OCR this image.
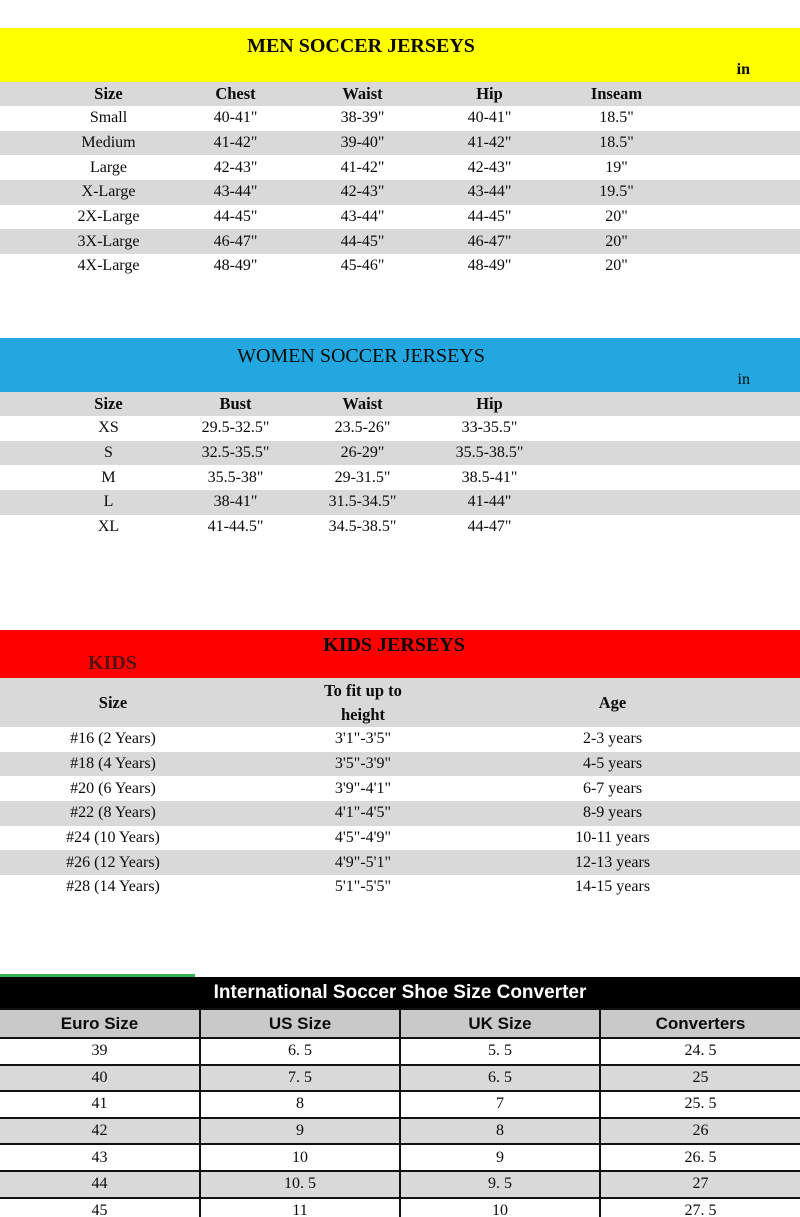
MEN SOCCER JERSEYS
in
	Size	Chest	Waist	Hip	Inseam	
	Small	40-41"	38-39"	40-41"	18.5"	
	Medium	41-42"	39-40"	41-42"	18.5"	
	Large	42-43"	41-42"	42-43"	19"	
	X-Large	43-44"	42-43"	43-44"	19.5"	
	2X-Large	44-45"	43-44"	44-45"	20"	
	3X-Large	46-47"	44-45"	46-47"	20"	
	4X-Large	48-49"	45-46"	48-49"	20"	
WOMEN SOCCER JERSEYS
in
	Size	Bust	Waist	Hip	
	XS	29.5-32.5"	23.5-26"	33-35.5"	
	S	32.5-35.5"	26-29"	35.5-38.5"	
	M	35.5-38"	29-31.5"	38.5-41"	
	L	38-41"	31.5-34.5"	41-44"	
	XL	41-44.5"	34.5-38.5"	44-47"	
KIDS JERSEYS
KIDS
Size	To fit up to height	Age	
#16 (2 Years)	3'1"-3'5"	2-3 years	
#18 (4 Years)	3'5"-3'9"	4-5 years	
#20 (6 Years)	3'9"-4'1"	6-7 years	
#22 (8 Years)	4'1"-4'5"	8-9 years	
#24 (10 Years)	4'5"-4'9"	10-11 years	
#26 (12 Years)	4'9"-5'1"	12-13 years	
#28 (14 Years)	5'1"-5'5"	14-15 years	
International Soccer Shoe Size Converter
Euro Size	US Size	UK Size	Converters
39	6. 5	5. 5	24. 5
40	7. 5	6. 5	25
41	8	7	25. 5
42	9	8	26
43	10	9	26. 5
44	10. 5	9. 5	27
45	11	10	27. 5
